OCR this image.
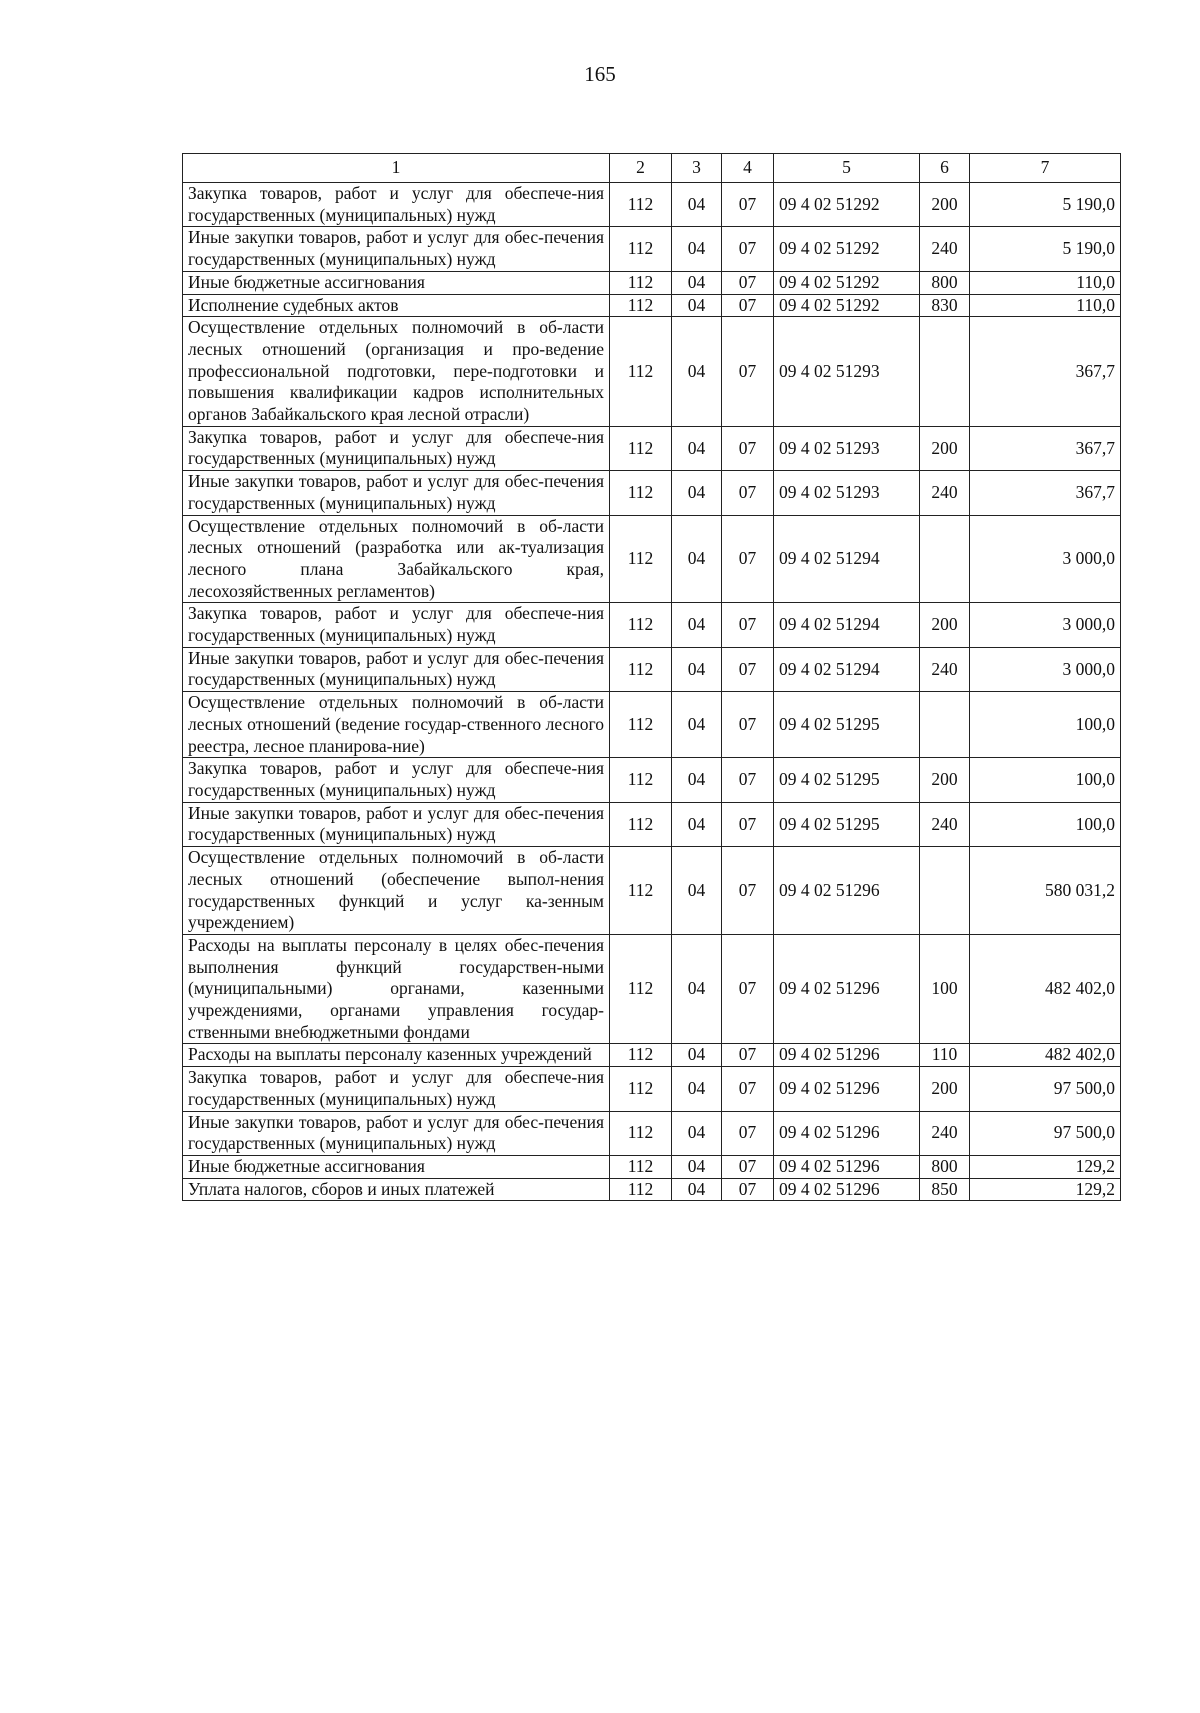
165
1	2	3	4	5	6	7
Закупка товаров, работ и услуг для обеспече-ния государственных (муниципальных) нужд	112	04	07	09 4 02 51292	200	5 190,0
Иные закупки товаров, работ и услуг для обес-печения государственных (муниципальных) нужд	112	04	07	09 4 02 51292	240	5 190,0
Иные бюджетные ассигнования	112	04	07	09 4 02 51292	800	110,0
Исполнение судебных актов	112	04	07	09 4 02 51292	830	110,0
Осуществление отдельных полномочий в об-ласти лесных отношений (организация и про-ведение профессиональной подготовки, пере-подготовки и повышения квалификации кадров исполнительных органов Забайкальского края лесной отрасли)	112	04	07	09 4 02 51293		367,7
Закупка товаров, работ и услуг для обеспече-ния государственных (муниципальных) нужд	112	04	07	09 4 02 51293	200	367,7
Иные закупки товаров, работ и услуг для обес-печения государственных (муниципальных) нужд	112	04	07	09 4 02 51293	240	367,7
Осуществление отдельных полномочий в об-ласти лесных отношений (разработка или ак-туализация лесного плана Забайкальского края, лесохозяйственных регламентов)	112	04	07	09 4 02 51294		3 000,0
Закупка товаров, работ и услуг для обеспече-ния государственных (муниципальных) нужд	112	04	07	09 4 02 51294	200	3 000,0
Иные закупки товаров, работ и услуг для обес-печения государственных (муниципальных) нужд	112	04	07	09 4 02 51294	240	3 000,0
Осуществление отдельных полномочий в об-ласти лесных отношений (ведение государ-ственного лесного реестра, лесное планирова-ние)	112	04	07	09 4 02 51295		100,0
Закупка товаров, работ и услуг для обеспече-ния государственных (муниципальных) нужд	112	04	07	09 4 02 51295	200	100,0
Иные закупки товаров, работ и услуг для обес-печения государственных (муниципальных) нужд	112	04	07	09 4 02 51295	240	100,0
Осуществление отдельных полномочий в об-ласти лесных отношений (обеспечение выпол-нения государственных функций и услуг ка-зенным учреждением)	112	04	07	09 4 02 51296		580 031,2
Расходы на выплаты персоналу в целях обес-печения выполнения функций государствен-ными (муниципальными) органами, казенными учреждениями, органами управления государ-ственными внебюджетными фондами	112	04	07	09 4 02 51296	100	482 402,0
Расходы на выплаты персоналу казенных учреждений	112	04	07	09 4 02 51296	110	482 402,0
Закупка товаров, работ и услуг для обеспече-ния государственных (муниципальных) нужд	112	04	07	09 4 02 51296	200	97 500,0
Иные закупки товаров, работ и услуг для обес-печения государственных (муниципальных) нужд	112	04	07	09 4 02 51296	240	97 500,0
Иные бюджетные ассигнования	112	04	07	09 4 02 51296	800	129,2
Уплата налогов, сборов и иных платежей	112	04	07	09 4 02 51296	850	129,2
